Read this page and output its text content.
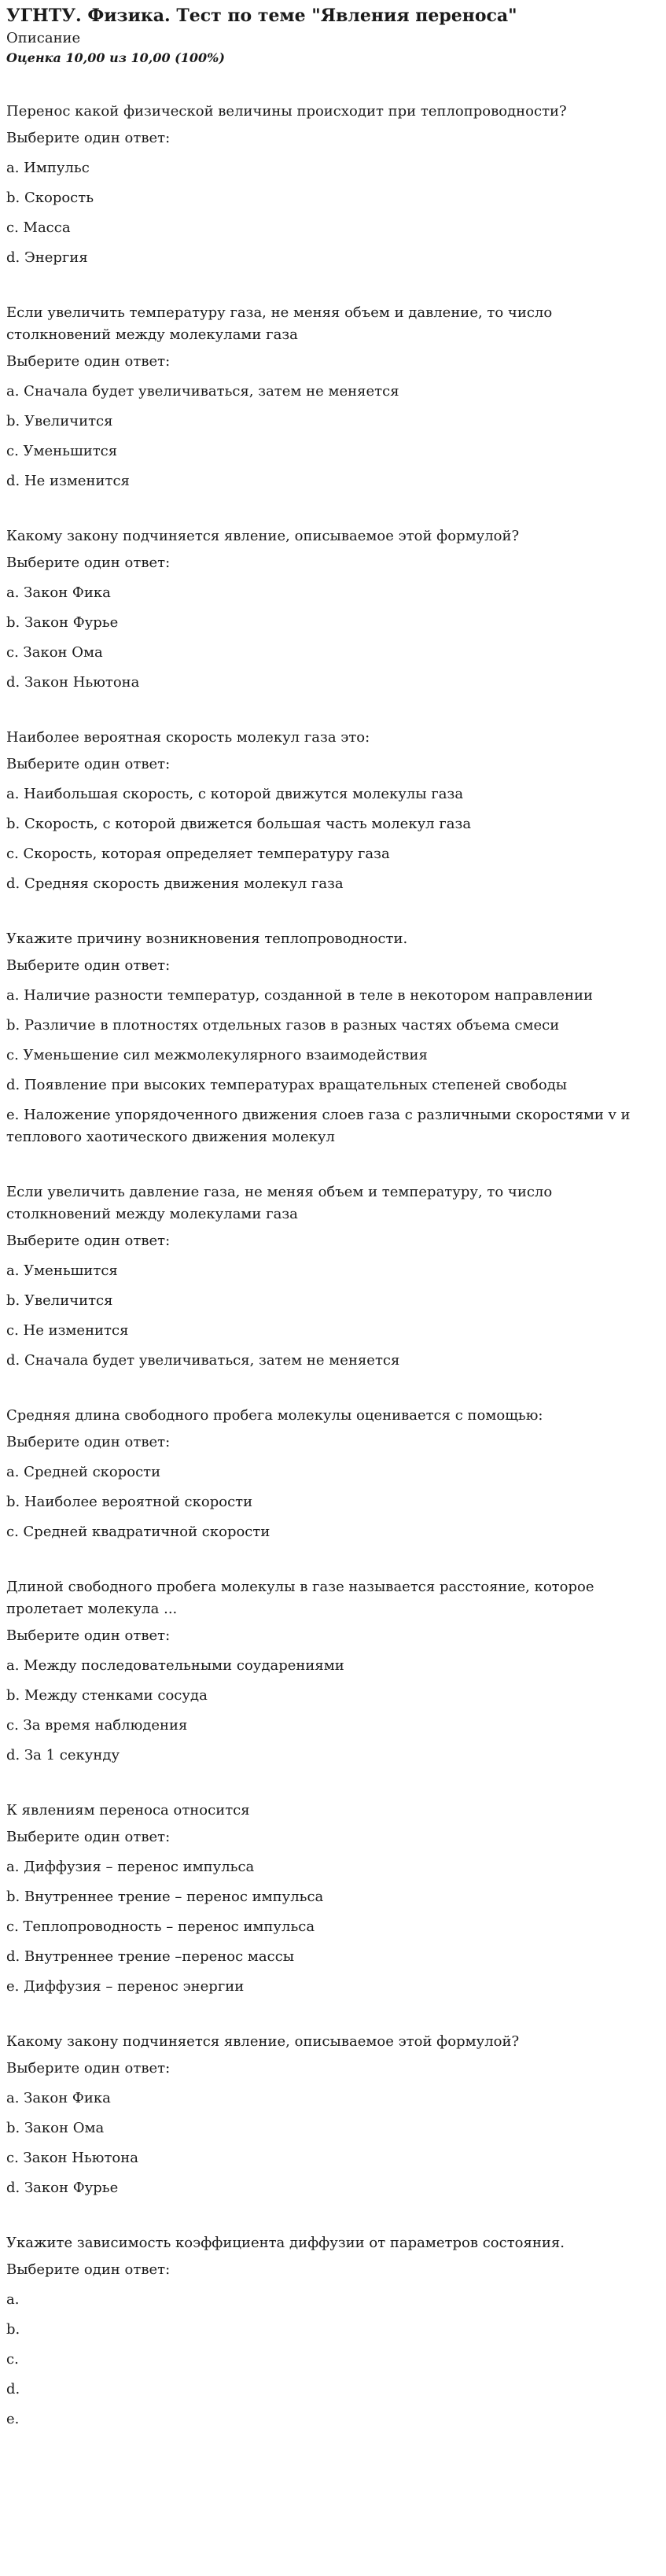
УГНТУ. Физика. Тест по теме "Явления переноса"
Описание
Оценка 10,00 из 10,00 (100%)
Перенос какой физической величины происходит при теплопроводности?
Выберите один ответ:
a. Импульс
b. Скорость
c. Масса
d. Энергия
Если увеличить температуру газа, не меняя объем и давление, то число столкновений между молекулами газа
Выберите один ответ:
a. Сначала будет увеличиваться, затем не меняется
b. Увеличится
c. Уменьшится
d. Не изменится
Какому закону подчиняется явление, описываемое этой формулой?
Выберите один ответ:
a. Закон Фика
b. Закон Фурье
c. Закон Ома
d. Закон Ньютона
Наиболее вероятная скорость молекул газа это:
Выберите один ответ:
a. Наибольшая скорость, с которой движутся молекулы газа
b. Скорость, с которой движется большая часть молекул газа
c. Скорость, которая определяет температуру газа
d. Средняя скорость движения молекул газа
Укажите причину возникновения теплопроводности.
Выберите один ответ:
a. Наличие разности температур, созданной в теле в некотором направлении
b. Различие в плотностях отдельных газов в разных частях объема смеси
c. Уменьшение сил межмолекулярного взаимодействия
d. Появление при высоких температурах вращательных степеней свободы
e. Наложение упорядоченного движения слоев газа с различными скоростями v и теплового хаотического движения молекул
Если увеличить давление газа, не меняя объем и температуру, то число столкновений между молекулами газа
Выберите один ответ:
a. Уменьшится
b. Увеличится
c. Не изменится
d. Сначала будет увеличиваться, затем не меняется
Средняя длина свободного пробега молекулы оценивается с помощью:
Выберите один ответ:
a. Средней скорости
b. Наиболее вероятной скорости
c. Средней квадратичной скорости
Длиной свободного пробега молекулы в газе называется расстояние, которое пролетает молекула ...
Выберите один ответ:
a. Между последовательными соударениями
b. Между стенками сосуда
c. За время наблюдения
d. За 1 секунду
К явлениям переноса относится
Выберите один ответ:
a. Диффузия – перенос импульса
b. Внутреннее трение – перенос импульса
c. Теплопроводность – перенос импульса
d. Внутреннее трение –перенос массы
e. Диффузия – перенос энергии
Какому закону подчиняется явление, описываемое этой формулой?
Выберите один ответ:
a. Закон Фика
b. Закон Ома
c. Закон Ньютона
d. Закон Фурье
Укажите зависимость коэффициента диффузии от параметров состояния.
Выберите один ответ:
a.
b.
c.
d.
e.
